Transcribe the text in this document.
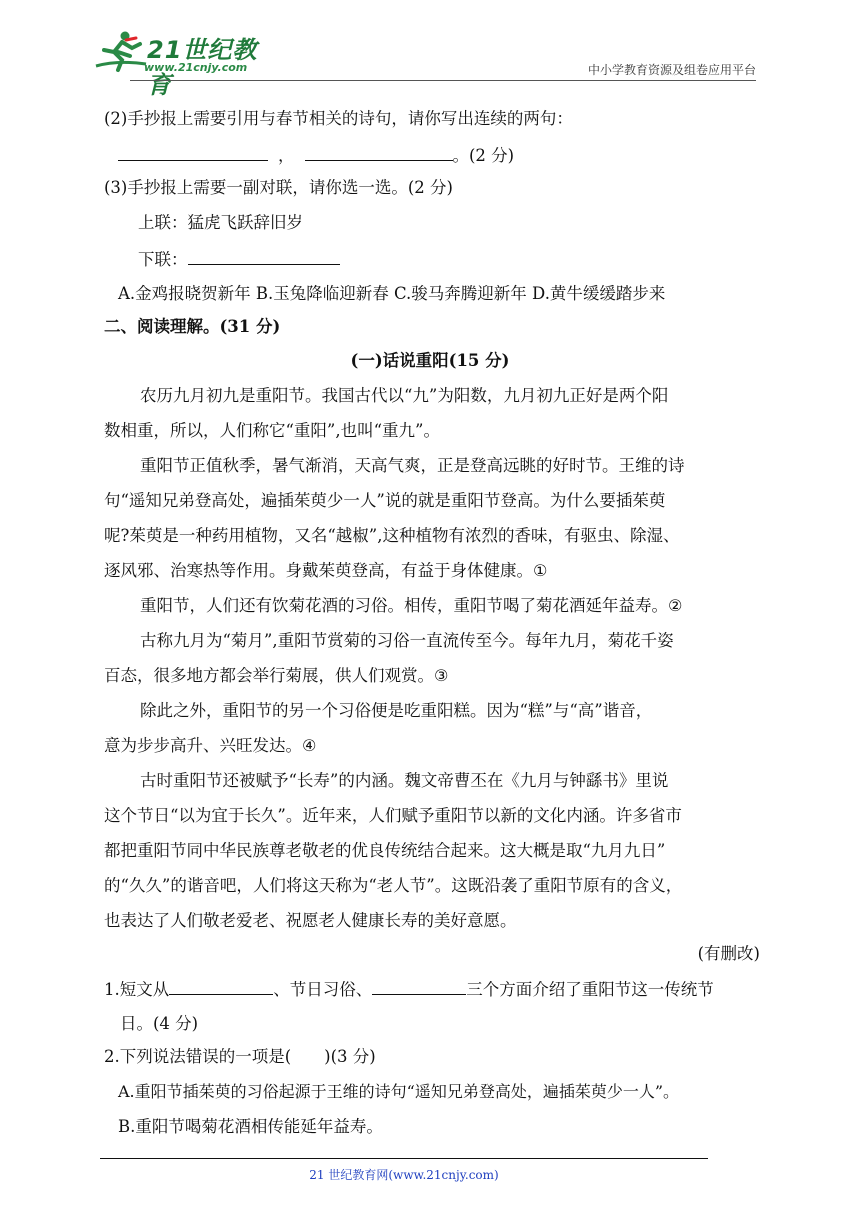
21世纪教育
www.21cnjy.com	中小学教育资源及组卷应用平台
(2)手抄报上需要引用与春节相关的诗句，请你写出连续的两句：
，	。(2 分)
(3)手抄报上需要一副对联，请你选一选。(2 分)
上联：猛虎飞跃辞旧岁
下联：
A.金鸡报晓贺新年 B.玉兔降临迎新春 C.骏马奔腾迎新年 D.黄牛缓缓踏步来
二、阅读理解。(31 分)
(一)话说重阳(15 分)
农历九月初九是重阳节。我国古代以“九”为阳数，九月初九正好是两个阳
数相重，所以，人们称它“重阳”,也叫“重九”。
重阳节正值秋季，暑气渐消，天高气爽，正是登高远眺的好时节。王维的诗
句“遥知兄弟登高处，遍插茱萸少一人”说的就是重阳节登高。为什么要插茱萸
呢?茱萸是一种药用植物，又名“越椒”,这种植物有浓烈的香味，有驱虫、除湿、
逐风邪、治寒热等作用。身戴茱萸登高，有益于身体健康。①
重阳节，人们还有饮菊花酒的习俗。相传，重阳节喝了菊花酒延年益寿。②
古称九月为“菊月”,重阳节赏菊的习俗一直流传至今。每年九月，菊花千姿
百态，很多地方都会举行菊展，供人们观赏。③
除此之外，重阳节的另一个习俗便是吃重阳糕。因为“糕”与“高”谐音，
意为步步高升、兴旺发达。④
古时重阳节还被赋予“长寿”的内涵。魏文帝曹丕在《九月与钟繇书》里说
这个节日“以为宜于长久”。近年来，人们赋予重阳节以新的文化内涵。许多省市
都把重阳节同中华民族尊老敬老的优良传统结合起来。这大概是取“九月九日”
的“久久”的谐音吧，人们将这天称为“老人节”。这既沿袭了重阳节原有的含义，
也表达了人们敬老爱老、祝愿老人健康长寿的美好意愿。
(有删改)
1.短文从	、节日习俗、	三个方面介绍了重阳节这一传统节
日。(4 分)
2.下列说法错误的一项是(　　)(3 分)
A.重阳节插茱萸的习俗起源于王维的诗句“遥知兄弟登高处，遍插茱萸少一人”。
B.重阳节喝菊花酒相传能延年益寿。
21 世纪教育网(www.21cnjy.com)
